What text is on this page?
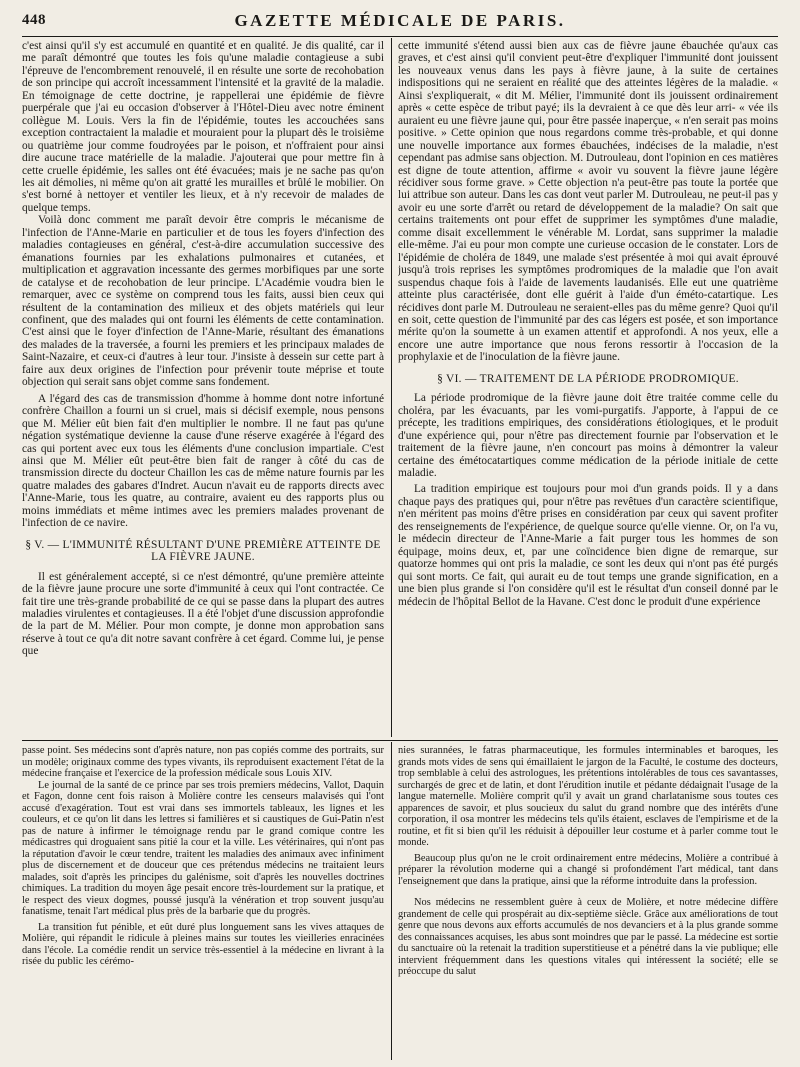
448	GAZETTE MÉDICALE DE PARIS.

c'est ainsi qu'il s'y est accumulé en quantité et en qualité. Je dis qualité, car il me paraît démontré que toutes les fois qu'une maladie contagieuse a subi l'épreuve de l'encombrement renouvelé, il en résulte une sorte de recohobation de son principe qui accroît incessamment l'intensité et la gravité de la maladie. En témoignage de cette doctrine, je rappellerai une épidémie de fièvre puerpérale que j'ai eu occasion d'observer à l'Hôtel-Dieu avec notre éminent collègue M. Louis. Vers la fin de l'épidémie, toutes les accouchées sans exception contractaient la maladie et mouraient pour la plupart dès le troisième ou quatrième jour comme foudroyées par le poison, et n'offraient pour ainsi dire aucune trace matérielle de la maladie. J'ajouterai que pour mettre fin à cette cruelle épidémie, les salles ont été évacuées; mais je ne sache pas qu'on les ait démolies, ni même qu'on ait gratté les murailles et brûlé le mobilier. On s'est borné à nettoyer et ventiler les lieux, et à n'y recevoir de malades de quelque temps.

Voilà donc comment me paraît devoir être compris le mécanisme de l'infection de l'Anne-Marie en particulier et de tous les foyers d'infection des maladies contagieuses en général, c'est-à-dire accumulation successive des émanations fournies par les exhalations pulmonaires et cutanées, et multiplication et aggravation incessante des germes morbifiques par une sorte de catalyse et de recohobation de leur principe. L'Académie voudra bien le remarquer, avec ce système on comprend tous les faits, aussi bien ceux qui résultent de la contamination des milieux et des objets matériels qui leur confinent, que des malades qui ont fourni les éléments de cette contamination. C'est ainsi que le foyer d'infection de l'Anne-Marie, résultant des émanations des malades de la traversée, a fourni les premiers et les principaux malades de Saint-Nazaire, et ceux-ci d'autres à leur tour. J'insiste à dessein sur cette part à faire aux deux origines de l'infection pour prévenir toute méprise et toute objection qui serait sans objet comme sans fondement.

A l'égard des cas de transmission d'homme à homme dont notre infortuné confrère Chaillon a fourni un si cruel, mais si décisif exemple, nous pensons que M. Mélier eût bien fait d'en multiplier le nombre. Il ne faut pas qu'une négation systématique devienne la cause d'une réserve exagérée à l'égard des cas qui portent avec eux tous les éléments d'une conclusion impartiale. C'est ainsi que M. Mélier eût peut-être bien fait de ranger à côté du cas de transmission directe du docteur Chaillon les cas de même nature fournis par les quatre malades des gabares d'Indret. Aucun n'avait eu de rapports directs avec l'Anne-Marie, tous les quatre, au contraire, avaient eu des rapports plus ou moins immédiats et même intimes avec les premiers malades provenant de l'infection de ce navire.

§ V. — L'IMMUNITÉ RÉSULTANT D'UNE PREMIÈRE ATTEINTE DE LA FIÈVRE JAUNE.

Il est généralement accepté, si ce n'est démontré, qu'une première atteinte de la fièvre jaune procure une sorte d'immunité à ceux qui l'ont contractée. Ce fait tire une très-grande probabilité de ce qui se passe dans la plupart des autres maladies virulentes et contagieuses. Il a été l'objet d'une discussion approfondie de la part de M. Mélier. Pour mon compte, je donne mon approbation sans réserve à tout ce qu'a dit notre savant confrère à cet égard. Comme lui, je pense que

cette immunité s'étend aussi bien aux cas de fièvre jaune ébauchée qu'aux cas graves, et c'est ainsi qu'il convient peut-être d'expliquer l'immunité dont jouissent les nouveaux venus dans les pays à fièvre jaune, à la suite de certaines indispositions qui ne seraient en réalité que des atteintes légères de la maladie. « Ainsi s'expliquerait, « dit M. Mélier, l'immunité dont ils jouissent ordinairement après « cette espèce de tribut payé; ils la devraient à ce que dès leur arri- « vée ils auraient eu une fièvre jaune qui, pour être passée inaperçue, « n'en serait pas moins positive. » Cette opinion que nous regardons comme très-probable, et qui donne une nouvelle importance aux formes ébauchées, indécises de la maladie, n'est cependant pas admise sans objection. M. Dutrouleau, dont l'opinion en ces matières est digne de toute attention, affirme « avoir vu souvent la fièvre jaune légère récidiver sous forme grave. » Cette objection n'a peut-être pas toute la portée que lui attribue son auteur. Dans les cas dont veut parler M. Dutrouleau, ne peut-il pas y avoir eu une sorte d'arrêt ou retard de développement de la maladie? On sait que certains traitements ont pour effet de supprimer les symptômes d'une maladie, comme disait excellemment le vénérable M. Lordat, sans supprimer la maladie elle-même. J'ai eu pour mon compte une curieuse occasion de le constater. Lors de l'épidémie de choléra de 1849, une malade s'est présentée à moi qui avait éprouvé jusqu'à trois reprises les symptômes prodromiques de la maladie que l'on avait suspendus chaque fois à l'aide de lavements laudanisés. Elle eut une quatrième atteinte plus caractérisée, dont elle guérit à l'aide d'un éméto-catartique. Les récidives dont parle M. Dutrouleau ne seraient-elles pas du même genre? Quoi qu'il en soit, cette question de l'immunité par des cas légers est posée, et son importance mérite qu'on la soumette à un examen attentif et approfondi. A nos yeux, elle a encore une autre importance que nous ferons ressortir à l'occasion de la prophylaxie et de l'inoculation de la fièvre jaune.

§ VI. — TRAITEMENT DE LA PÉRIODE PRODROMIQUE.

La période prodromique de la fièvre jaune doit être traitée comme celle du choléra, par les évacuants, par les vomi-purgatifs. J'apporte, à l'appui de ce précepte, les traditions empiriques, des considérations étiologiques, et le produit d'une expérience qui, pour n'être pas directement fournie par l'observation et le traitement de la fièvre jaune, n'en concourt pas moins à démontrer la valeur certaine des émétocatartiques comme médication de la période initiale de cette maladie.

La tradition empirique est toujours pour moi d'un grands poids. Il y a dans chaque pays des pratiques qui, pour n'être pas revêtues d'un caractère scientifique, n'en méritent pas moins d'être prises en considération par ceux qui savent profiter des renseignements de l'expérience, de quelque source qu'elle vienne. Or, on l'a vu, le médecin directeur de l'Anne-Marie a fait purger tous les hommes de son équipage, moins deux, et, par une coïncidence bien digne de remarque, sur quatorze hommes qui ont pris la maladie, ce sont les deux qui n'ont pas été purgés qui sont morts. Ce fait, qui aurait eu de tout temps une grande signification, en a une bien plus grande si l'on considère qu'il est le résultat d'un conseil donné par le médecin de l'hôpital Bellot de la Havane. C'est donc le produit d'une expérience

passe point. Ses médecins sont d'après nature, non pas copiés comme des portraits, sur un modèle; originaux comme des types vivants, ils reproduisent exactement l'état de la médecine française et l'exercice de la profession médicale sous Louis XIV.

Le journal de la santé de ce prince par ses trois premiers médecins, Vallot, Daquin et Fagon, donne cent fois raison à Molière contre les censeurs malavisés qui l'ont accusé d'exagération. Tout est vrai dans ses immortels tableaux, les lignes et les couleurs, et ce qu'on lit dans les lettres si familières et si caustiques de Gui-Patin n'est pas de nature à infirmer le témoignage rendu par le grand comique contre les médicastres qui droguaient sans pitié la cour et la ville. Les vétérinaires, qui n'ont pas la réputation d'avoir le cœur tendre, traitent les maladies des animaux avec infiniment plus de discernement et de douceur que ces prétendus médecins ne traitaient leurs malades, soit d'après les principes du galénisme, soit d'après les nouvelles doctrines chimiques. La tradition du moyen âge pesait encore très-lourdement sur la pratique, et le respect des vieux dogmes, poussé jusqu'à la vénération et trop souvent jusqu'au fanatisme, tenait l'art médical plus près de la barbarie que du progrès.

La transition fut pénible, et eût duré plus longuement sans les vives attaques de Molière, qui répandit le ridicule à pleines mains sur toutes les vieilleries enracinées dans l'école. La comédie rendit un service très-essentiel à la médecine en livrant à la risée du public les cérémo-

nies surannées, le fatras pharmaceutique, les formules interminables et baroques, les grands mots vides de sens qui émaillaient le jargon de la Faculté, le costume des docteurs, trop semblable à celui des astrologues, les prétentions intolérables de tous ces savantasses, surchargés de grec et de latin, et dont l'érudition inutile et pédante dédaignait l'usage de la langue maternelle. Molière comprit qu'il y avait un grand charlatanisme sous toutes ces apparences de savoir, et plus soucieux du salut du grand nombre que des intérêts d'une corporation, il osa montrer les médecins tels qu'ils étaient, esclaves de l'empirisme et de la routine, et fit si bien qu'il les réduisit à dépouiller leur costume et à parler comme tout le monde.

Beaucoup plus qu'on ne le croit ordinairement entre médecins, Molière a contribué à préparer la révolution moderne qui a changé si profondément l'art médical, tant dans l'enseignement que dans la pratique, ainsi que la réforme introduite dans la profession.

Nos médecins ne ressemblent guère à ceux de Molière, et notre médecine diffère grandement de celle qui prospérait au dix-septième siècle. Grâce aux améliorations de tout genre que nous devons aux efforts accumulés de nos devanciers et à la plus grande somme des connaissances acquises, les abus sont moindres que par le passé. La médecine est sortie du sanctuaire où la retenait la tradition superstitieuse et a pénétré dans la vie publique; elle intervient fréquemment dans les questions vitales qui intéressent la société; elle se préoccupe du salut
